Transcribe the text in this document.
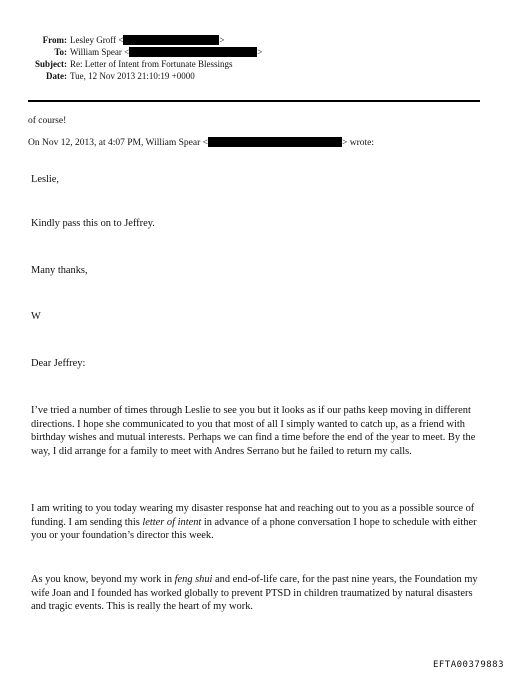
From: Lesley Groff <	>
To: William Spear <	>
Subject: Re: Letter of Intent from Fortunate Blessings
Date: Tue, 12 Nov 2013 21:10:19 +0000
of course!
On Nov 12, 2013, at 4:07 PM, William Spear <	> wrote:
Leslie,
Kindly pass this on to Jeffrey.
Many thanks,
W
Dear Jeffrey:
I’ve tried a number of times through Leslie to see you but it looks as if our paths keep moving in different directions. I hope she communicated to you that most of all I simply wanted to catch up, as a friend with birthday wishes and mutual interests. Perhaps we can find a time before the end of the year to meet. By the way, I did arrange for a family to meet with Andres Serrano but he failed to return my calls.
I am writing to you today wearing my disaster response hat and reaching out to you as a possible source of funding. I am sending this letter of intent in advance of a phone conversation I hope to schedule with either you or your foundation’s director this week.
As you know, beyond my work in feng shui and end-of-life care, for the past nine years, the Foundation my wife Joan and I founded has worked globally to prevent PTSD in children traumatized by natural disasters and tragic events. This is really the heart of my work.
EFTA00379883
